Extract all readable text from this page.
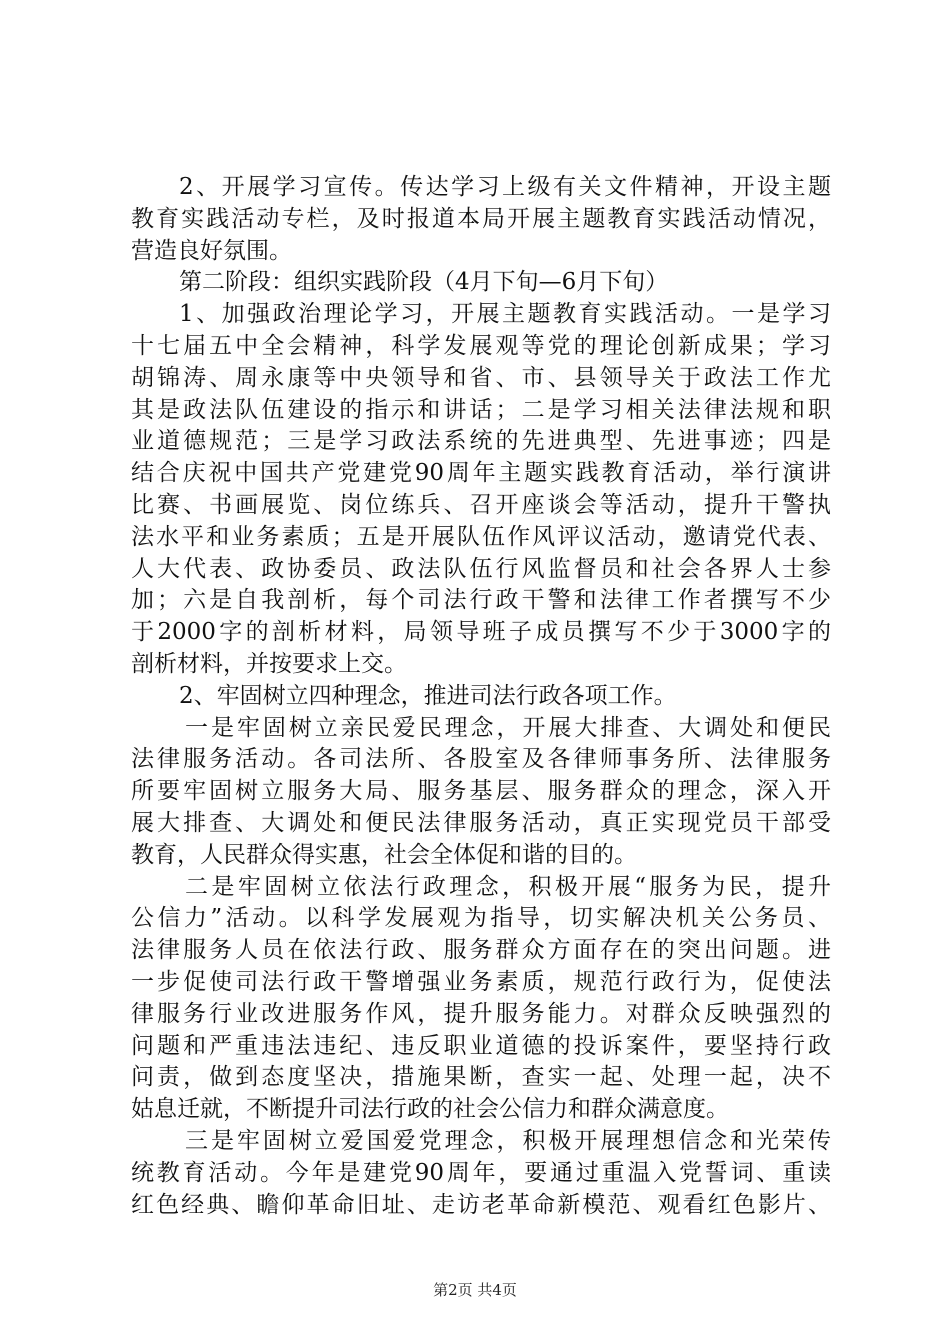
2、开展学习宣传。传达学习上级有关文件精神，开设主题
教育实践活动专栏，及时报道本局开展主题教育实践活动情况，
营造良好氛围。
第二阶段：组织实践阶段（4月下旬—6月下旬）
1、加强政治理论学习，开展主题教育实践活动。一是学习
十七届五中全会精神，科学发展观等党的理论创新成果；学习
胡锦涛、周永康等中央领导和省、市、县领导关于政法工作尤
其是政法队伍建设的指示和讲话；二是学习相关法律法规和职
业道德规范；三是学习政法系统的先进典型、先进事迹；四是
结合庆祝中国共产党建党90周年主题实践教育活动，举行演讲
比赛、书画展览、岗位练兵、召开座谈会等活动，提升干警执
法水平和业务素质；五是开展队伍作风评议活动，邀请党代表、
人大代表、政协委员、政法队伍行风监督员和社会各界人士参
加；六是自我剖析，每个司法行政干警和法律工作者撰写不少
于2000字的剖析材料，局领导班子成员撰写不少于3000字的
剖析材料，并按要求上交。
2、牢固树立四种理念，推进司法行政各项工作。
一是牢固树立亲民爱民理念，开展大排查、大调处和便民
法律服务活动。各司法所、各股室及各律师事务所、法律服务
所要牢固树立服务大局、服务基层、服务群众的理念，深入开
展大排查、大调处和便民法律服务活动，真正实现党员干部受
教育，人民群众得实惠，社会全体促和谐的目的。
二是牢固树立依法行政理念，积极开展“服务为民，提升
公信力”活动。以科学发展观为指导，切实解决机关公务员、
法律服务人员在依法行政、服务群众方面存在的突出问题。进
一步促使司法行政干警增强业务素质，规范行政行为，促使法
律服务行业改进服务作风，提升服务能力。对群众反映强烈的
问题和严重违法违纪、违反职业道德的投诉案件，要坚持行政
问责，做到态度坚决，措施果断，查实一起、处理一起，决不
姑息迁就，不断提升司法行政的社会公信力和群众满意度。
三是牢固树立爱国爱党理念，积极开展理想信念和光荣传
统教育活动。今年是建党90周年，要通过重温入党誓词、重读
红色经典、瞻仰革命旧址、走访老革命新模范、观看红色影片、
第2页 共4页
